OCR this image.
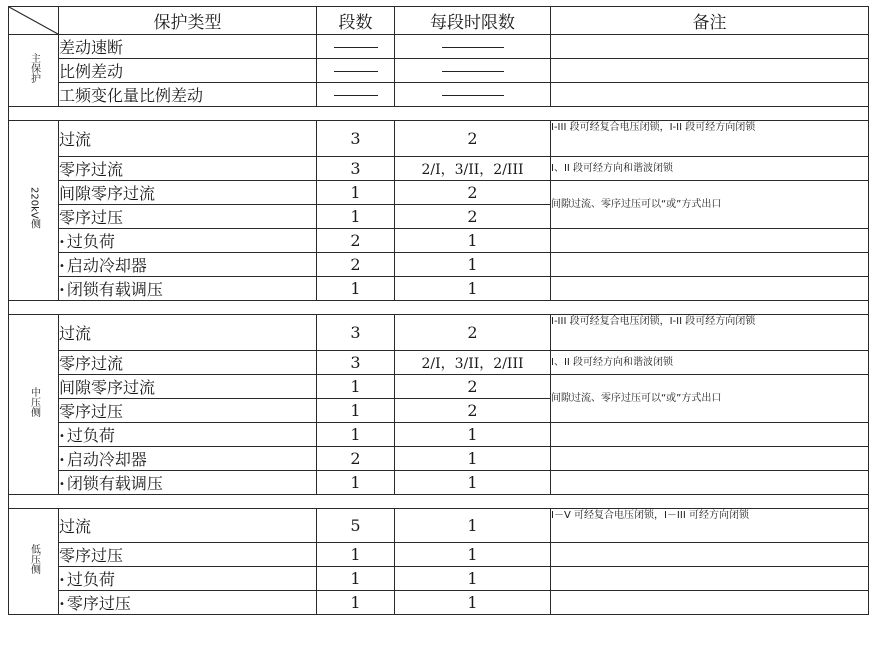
	保护类型	段数	每段时限数	备注
主保护	差动速断			
	比例差动			
	工频变化量比例差动			

220kV侧	过流	3	2	I-III 段可经复合电压闭锁，I-II 段可经方向闭锁
	零序过流	3	2/I，3/II，2/III	I、II 段可经方向和谐波闭锁
	间隙零序过流	1	2	间隙过流、零序过压可以“或”方式出口
	零序过压	1	2	
	• 过负荷	2	1	
	• 启动冷却器	2	1	
	• 闭锁有载调压	1	1	

中压侧	过流	3	2	I-III 段可经复合电压闭锁，I-II 段可经方向闭锁
	零序过流	3	2/I，3/II，2/III	I、II 段可经方向和谐波闭锁
	间隙零序过流	1	2	间隙过流、零序过压可以“或”方式出口
	零序过压	1	2	
	• 过负荷	1	1	
	• 启动冷却器	2	1	
	• 闭锁有载调压	1	1	

低压侧	过流	5	1	I－V 可经复合电压闭锁，I－III 可经方向闭锁
	零序过压	1	1	
	• 过负荷	1	1	
	• 零序过压	1	1	
